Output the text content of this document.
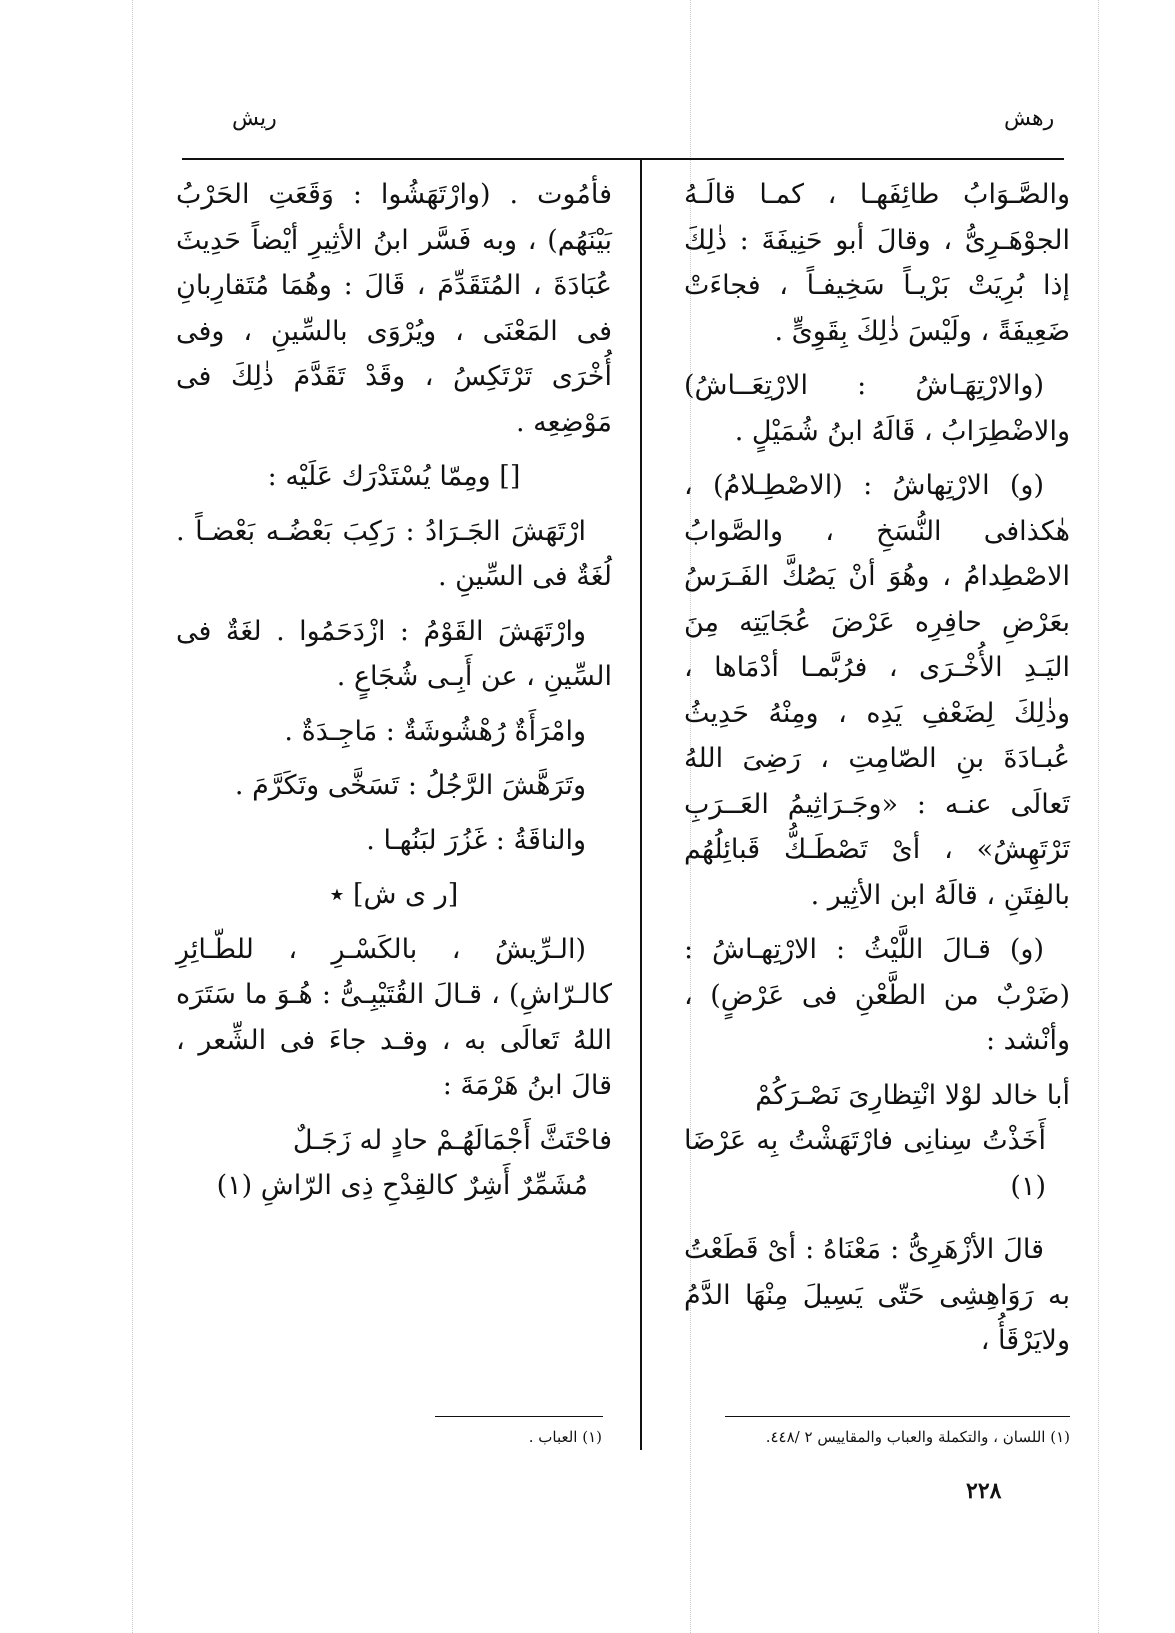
رهش
ريش

والصَّـوَابُ طائِفَهـا ، كمـا قالَـهُ الجوْهَـرِىُّ ، وقالَ أبو حَنِيفَةَ : ذٰلِكَ إذا بُرِيَتْ بَرْيـاً سَخِيفـاً ، فجاءَتْ ضَعِيفَةً ، ولَيْسَ ذٰلِكَ بِقَوِىٍّ .

(والارْتِهَـاشُ : الارْتِعَــاشُ) والاضْطِرَابُ ، قَالَهُ ابنُ شُمَيْلٍ .

(و) الارْتِهاشُ : (الاصْطِـلامُ) ، هٰكذافى النُّسَخِ ، والصَّوابُ الاصْطِدامُ ، وهُوَ أنْ يَصُكَّ الفَـرَسُ بعَرْضِ حافِرِه عَرْضَ عُجَايَتِه مِنَ اليَـدِ الأُخْـرَى ، فرُبَّمـا أدْمَاها ، وذٰلِكَ لِضَعْفِ يَدِه ، ومِنْهُ حَدِيثُ عُبـادَةَ بنِ الصّامِتِ ، رَضِىَ اللهُ تَعالَى عنـه : «وجَـرَاثِيمُ العَــرَبِ تَرْتَهِشُ» ، أىْ تَصْطَـكُّ قَبائِلُهُم بالفِتَنِ ، قالَهُ ابن الأثِير .

(و) قـالَ اللَّيْثُ : الارْتِهـاشُ : (ضَرْبٌ من الطَّعْنِ فى عَرْضٍ) ، وأنْشد :

أبا خالد لوْلا انْتِظارِىَ نَصْـرَكُمْ
أَخَذْتُ سِنانِى فارْتَهَشْتُ بِه عَرْضَا (١)

قالَ الأزْهَرِىُّ : مَعْنَاهُ : أىْ قَطَعْتُ به رَوَاهِشِى حَتّى يَسِيلَ مِنْهَا الدَّمُ ولايَرْقَأُ ،

فأمُوت . (وارْتَهَشُوا : وَقَعَتِ الحَرْبُ بَيْنَهُم) ، وبه فَسَّر ابنُ الأثِيرِ أيْضاً حَدِيثَ عُبَادَةَ ، المُتَقَدِّمَ ، قَالَ : وهُمَا مُتَقارِبانِ فى المَعْنَى ، ويُرْوَى بالسِّينِ ، وفى أُخْرَى تَرْتَكِسُ ، وقَدْ تَقَدَّمَ ذٰلِكَ فى مَوْضِعِه .

[] ومِمّا يُسْتَدْرَك عَلَيْه :

ارْتَهَشَ الجَـرَادُ : رَكِبَ بَعْضُـه بَعْضـاً . لُغَةٌ فى السِّينِ .

وارْتَهَشَ القَوْمُ : ازْدَحَمُوا . لغَةٌ فى السِّينِ ، عن أَبِـى شُجَاعٍ .

وامْرَأَةٌ رُهْشُوشَةٌ : مَاجِـدَةٌ .

وتَرَهَّشَ الرَّجُلُ : تَسَخَّى وتَكَرَّمَ .

والناقَةُ : غَزُرَ لبَنُهـا .

[ر ى ش] ٭

(الـرِّيشُ ، بالكَسْـرِ ، للطّـائِرِ كالـرّاشِ) ، قـالَ القُتَيْبِـىُّ : هُـوَ ما سَتَرَه اللهُ تَعالَى به ، وقـد جاءَ فى الشِّعر ، قالَ ابنُ هَرْمَةَ :

فاحْتَثَّ أَجْمَالَهُـمْ حادٍ له زَجَـلٌ
مُشَمِّرٌ أَشِرٌ كالقِدْحِ ذِى الرّاشِ (١)
(١) اللسان ، والتكملة والعباب والمقاييس ٢ /٤٤٨.
(١) العباب .
٢٢٨
